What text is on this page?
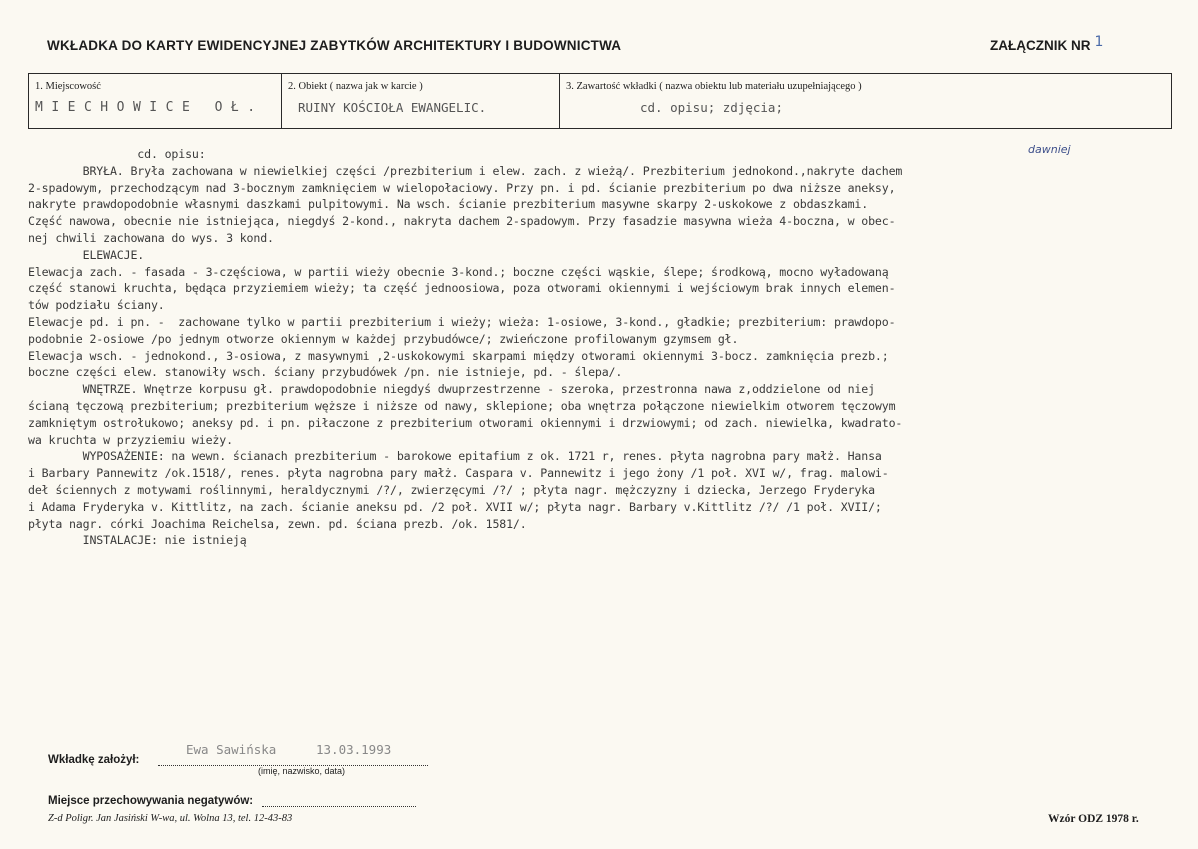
WKŁADKA DO KARTY EWIDENCYJNEJ ZABYTKÓW ARCHITEKTURY I BUDOWNICTWA	ZAŁĄCZNIK NR 1
1. Miejscowość
MIECHOWICE OŁ.
2. Obiekt ( nazwa jak w karcie )
RUINY KOŚCIOŁA EWANGELIC.
3. Zawartość wkładki ( nazwa obiektu lub materiału uzupełniającego )
cd. opisu; zdjęcia;
dawniej
cd. opisu:
BRYŁA. Bryła zachowana w niewielkiej części /prezbiterium i elew. zach. z wieżą/. Prezbiterium jednokond.,nakryte dachem
2-spadowym, przechodzącym nad 3-bocznym zamknięciem w wielopołaciowy. Przy pn. i pd. ścianie prezbiterium po dwa niższe aneksy,
nakryte prawdopodobnie własnymi daszkami pulpitowymi. Na wsch. ścianie prezbiterium masywne skarpy 2-uskokowe z obdaszkami.
Część nawowa, obecnie nie istniejąca, niegdyś 2-kond., nakryta dachem 2-spadowym. Przy fasadzie masywna wieża 4-boczna, w obec-
nej chwili zachowana do wys. 3 kond.
ELEWACJE.
Elewacja zach. - fasada - 3-częściowa, w partii wieży obecnie 3-kond.; boczne części wąskie, ślepe; środkową, mocno wyładowaną
część stanowi kruchta, będąca przyziemiem wieży; ta część jednoosiowa, poza otworami okiennymi i wejściowym brak innych elemen-
tów podziału ściany.
Elewacje pd. i pn. -  zachowane tylko w partii prezbiterium i wieży; wieża: 1-osiowe, 3-kond., gładkie; prezbiterium: prawdopo-
podobnie 2-osiowe /po jednym otworze okiennym w każdej przybudówce/; zwieńczone profilowanym gzymsem gł.
Elewacja wsch. - jednokond., 3-osiowa, z masywnymi ,2-uskokowymi skarpami między otworami okiennymi 3-bocz. zamknięcia prezb.;
boczne części elew. stanowiły wsch. ściany przybudówek /pn. nie istnieje, pd. - ślepa/.
WNĘTRZE. Wnętrze korpusu gł. prawdopodobnie niegdyś dwuprzestrzenne - szeroka, przestronna nawa z,oddzielone od niej
ścianą tęczową prezbiterium; prezbiterium węższe i niższe od nawy, sklepione; oba wnętrza połączone niewielkim otworem tęczowym
zamkniętym ostrołukowo; aneksy pd. i pn. piłaczone z prezbiterium otworami okiennymi i drzwiowymi; od zach. niewielka, kwadrato-
wa kruchta w przyziemiu wieży.
WYPOSAŻENIE: na wewn. ścianach prezbiterium - barokowe epitafium z ok. 1721 r, renes. płyta nagrobna pary małż. Hansa
i Barbary Pannewitz /ok.1518/, renes. płyta nagrobna pary małż. Caspara v. Pannewitz i jego żony /1 poł. XVI w/, frag. malowi-
deł ściennych z motywami roślinnymi, heraldycznymi /?/, zwierzęcymi /?/ ; płyta nagr. mężczyzny i dziecka, Jerzego Fryderyka
i Adama Fryderyka v. Kittlitz, na zach. ścianie aneksu pd. /2 poł. XVII w/; płyta nagr. Barbary v.Kittlitz /?/ /1 poł. XVII/;
płyta nagr. córki Joachima Reichelsa, zewn. pd. ściana prezb. /ok. 1581/.
INSTALACJE: nie istnieją
Ewa Sawińska	13.03.1993
Wkładkę założył:
(imię, nazwisko, data)
Miejsce przechowywania negatywów:
Z-d Poligr. Jan Jasiński W-wa, ul. Wolna 13, tel. 12-43-83	Wzór ODZ 1978 r.
